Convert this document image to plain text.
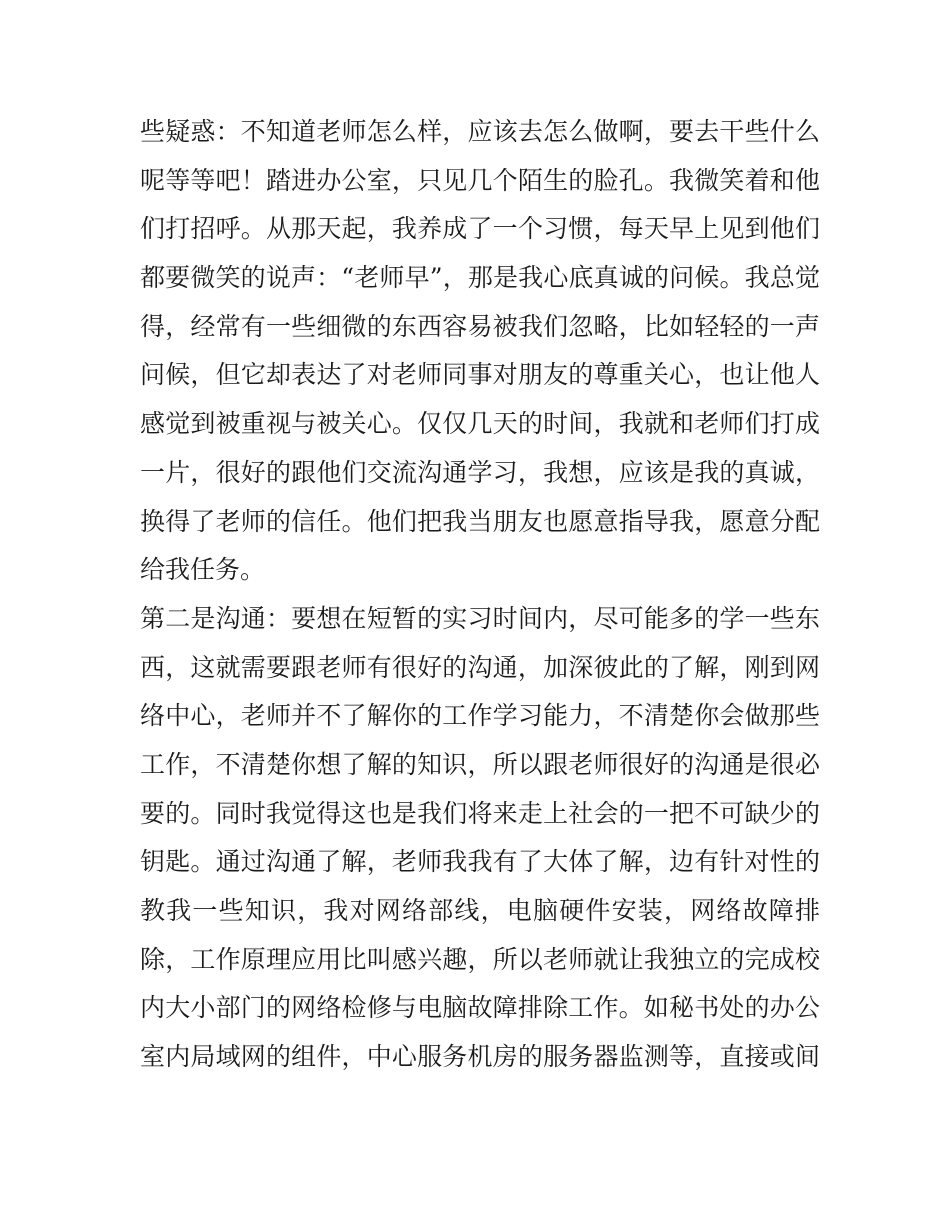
些疑惑：不知道老师怎么样，应该去怎么做啊，要去干些什么
呢等等吧！踏进办公室，只见几个陌生的脸孔。我微笑着和他
们打招呼。从那天起，我养成了一个习惯，每天早上见到他们
都要微笑的说声：“老师早”，那是我心底真诚的问候。我总觉
得，经常有一些细微的东西容易被我们忽略，比如轻轻的一声
问候，但它却表达了对老师同事对朋友的尊重关心，也让他人
感觉到被重视与被关心。仅仅几天的时间，我就和老师们打成
一片，很好的跟他们交流沟通学习，我想，应该是我的真诚，
换得了老师的信任。他们把我当朋友也愿意指导我，愿意分配
给我任务。
第二是沟通：要想在短暂的实习时间内，尽可能多的学一些东
西，这就需要跟老师有很好的沟通，加深彼此的了解，刚到网
络中心，老师并不了解你的工作学习能力，不清楚你会做那些
工作，不清楚你想了解的知识，所以跟老师很好的沟通是很必
要的。同时我觉得这也是我们将来走上社会的一把不可缺少的
钥匙。通过沟通了解，老师我我有了大体了解，边有针对性的
教我一些知识，我对网络部线，电脑硬件安装，网络故障排
除，工作原理应用比叫感兴趣，所以老师就让我独立的完成校
内大小部门的网络检修与电脑故障排除工作。如秘书处的办公
室内局域网的组件，中心服务机房的服务器监测等，直接或间
